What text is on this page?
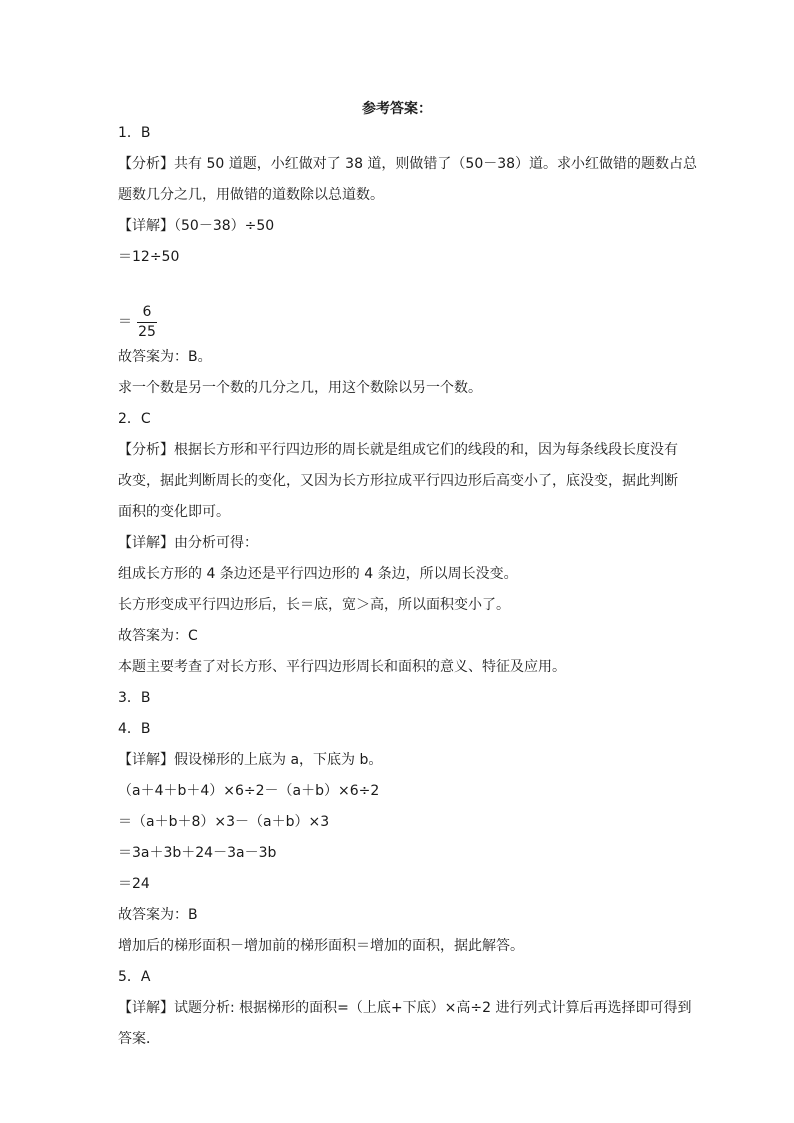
参考答案：
1．B
【分析】共有 50 道题，小红做对了 38 道，则做错了（50－38）道。求小红做错的题数占总
题数几分之几，用做错的道数除以总道数。
【详解】（50－38）÷50
＝12÷50
＝
6
25
故答案为：B。
求一个数是另一个数的几分之几，用这个数除以另一个数。
2．C
【分析】根据长方形和平行四边形的周长就是组成它们的线段的和，因为每条线段长度没有
改变，据此判断周长的变化，又因为长方形拉成平行四边形后高变小了，底没变，据此判断
面积的变化即可。
【详解】由分析可得：
组成长方形的 4 条边还是平行四边形的 4 条边，所以周长没变。
长方形变成平行四边形后，长＝底，宽＞高，所以面积变小了。
故答案为：C
本题主要考查了对长方形、平行四边形周长和面积的意义、特征及应用。
3．B
4．B
【详解】假设梯形的上底为 a，下底为 b。
（a＋4＋b＋4）×6÷2－（a＋b）×6÷2
＝（a＋b＋8）×3－（a＋b）×3
＝3a＋3b＋24－3a－3b
＝24
故答案为：B
增加后的梯形面积－增加前的梯形面积＝增加的面积，据此解答。
5．A
【详解】试题分析: 根据梯形的面积=（上底+下底）×高÷2 进行列式计算后再选择即可得到
答案．
